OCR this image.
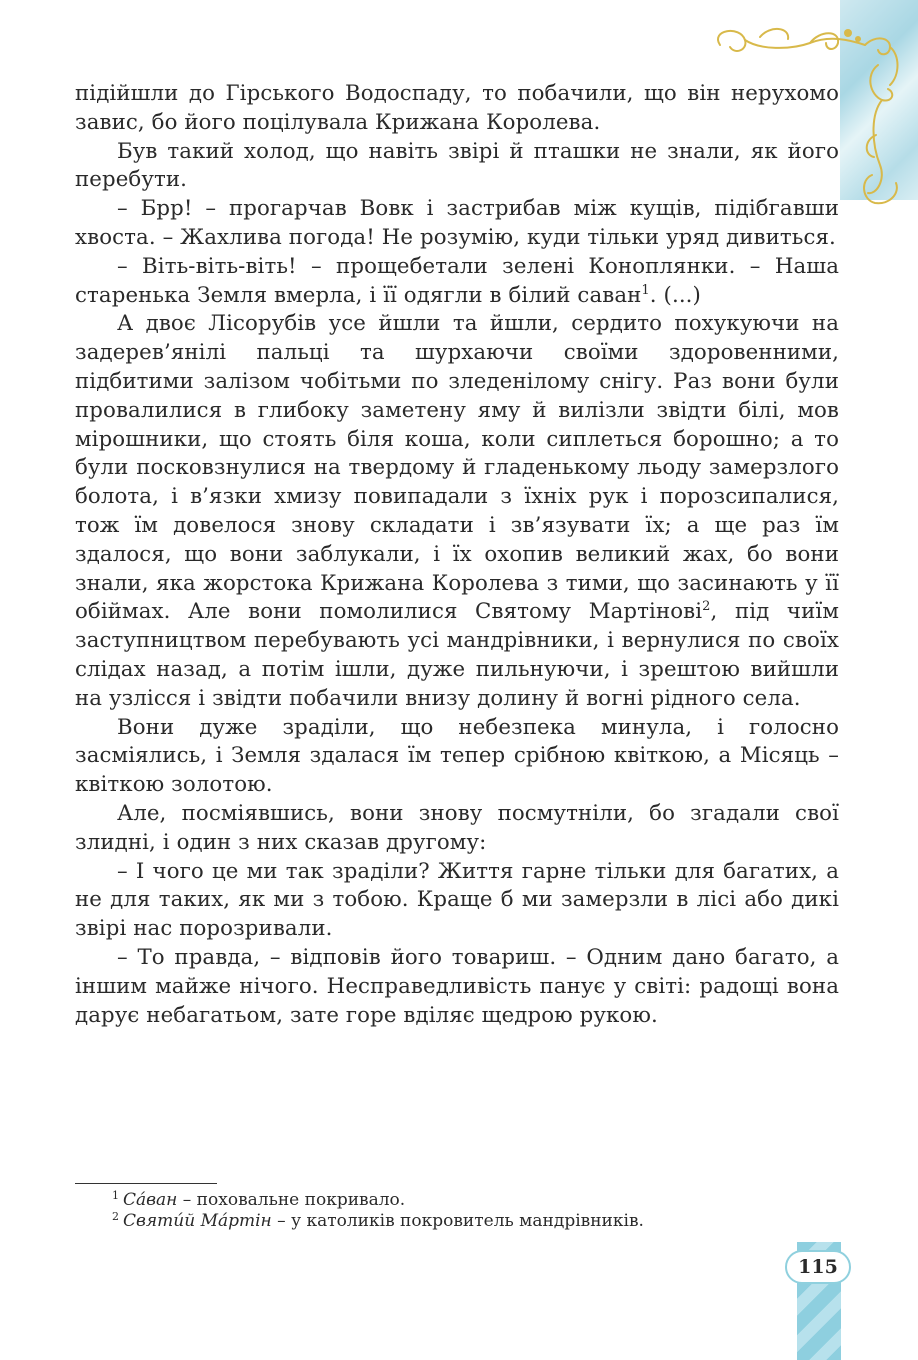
підійшли до Гірського Водоспаду, то побачили, що він нерухомо завис, бо його поцілувала Крижана Королева.

Був такий холод, що навіть звірі й пташки не знали, як його перебути.

– Брр! – прогарчав Вовк і застрибав між кущів, підібгавши хвоста. – Жахлива погода! Не розумію, куди тільки уряд дивиться.

– Віть-віть-віть! – прощебетали зелені Коноплянки. – Наша старенька Земля вмерла, і її одягли в білий саван$^1$. (...)

А двоє Лісорубів усе йшли та йшли, сердито похукуючи на задерев’янілі пальці та шурхаючи своїми здоровенними, підбитими залізом чобітьми по зледенілому снігу. Раз вони були провалилися в глибоку заметену яму й вилізли звідти білі, мов мірошники, що стоять біля коша, коли сиплеться борошно; а то були посковзнулися на твердому й гладенькому льоду замерзлого болота, і в’язки хмизу повипадали з їхніх рук і порозсипалися, тож їм довелося знову складати і зв’язувати їх; а ще раз їм здалося, що вони заблукали, і їх охопив великий жах, бо вони знали, яка жорстока Крижана Королева з тими, що засинають у її обіймах. Але вони помолилися Святому Мартінові$^2$, під чиїм заступництвом перебувають усі мандрівники, і вернулися по своїх слідах назад, а потім ішли, дуже пильнуючи, і зрештою вийшли на узлісся і звідти побачили внизу долину й вогні рідного села.

Вони дуже зраділи, що небезпека минула, і голосно засміялись, і Земля здалася їм тепер срібною квіткою, а Місяць – квіткою золотою.

Але, посміявшись, вони знову посмутніли, бо згадали свої злидні, і один з них сказав другому:

– І чого це ми так зраділи? Життя гарне тільки для багатих, а не для таких, як ми з тобою. Краще б ми замерзли в лісі або дикі звірі нас порозривали.

– То правда, – відповів його товариш. – Одним дано багато, а іншим майже нічого. Несправедливість панує у світі: радощі вона дарує небагатьом, зате горе вділяє щедрою рукою.

$^1$ Са́ван – поховальне покривало.
$^2$ Святи́й Ма́ртін – у католиків покровитель мандрівників.
115
